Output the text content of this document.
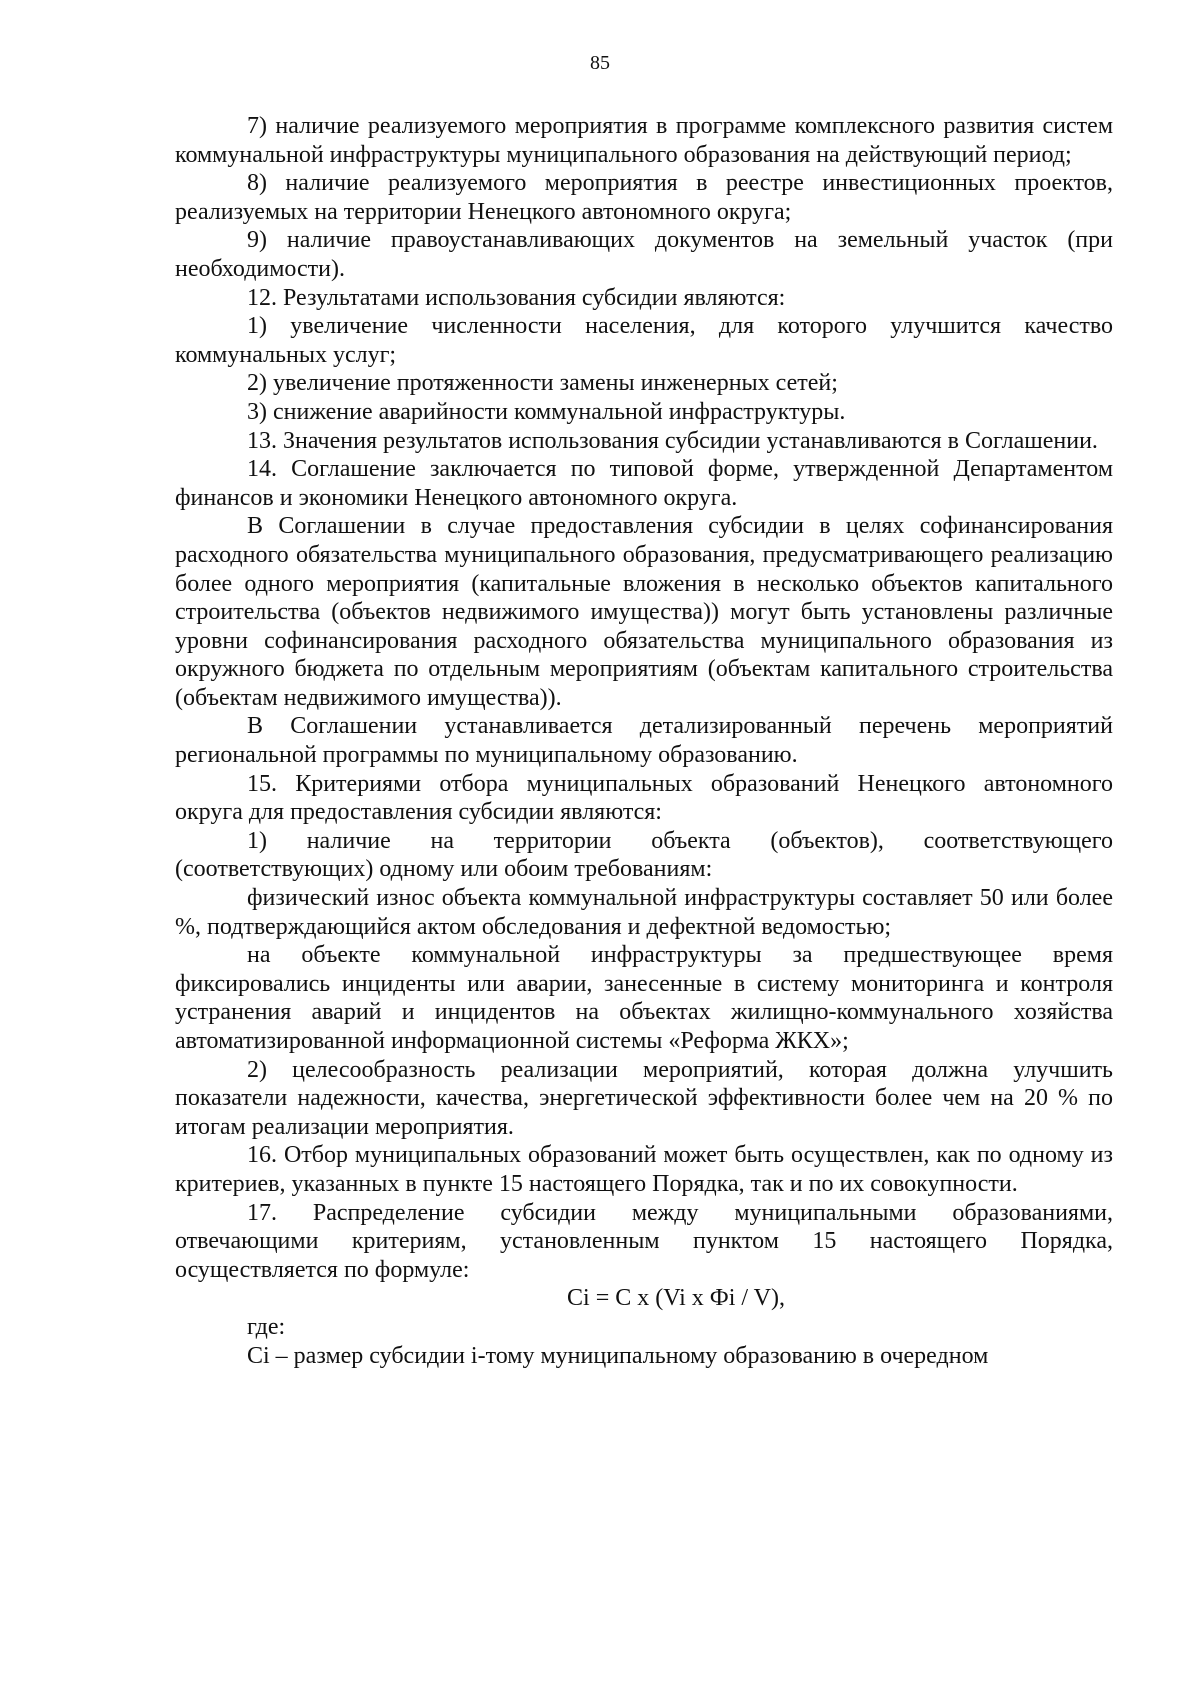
85

7) наличие реализуемого мероприятия в программе комплексного развития систем коммунальной инфраструктуры муниципального образования на действующий период;

8) наличие реализуемого мероприятия в реестре инвестиционных проектов, реализуемых на территории Ненецкого автономного округа;

9) наличие правоустанавливающих документов на земельный участок (при необходимости).

12. Результатами использования субсидии являются:

1) увеличение численности населения, для которого улучшится качество коммунальных услуг;

2) увеличение протяженности замены инженерных сетей;

3) снижение аварийности коммунальной инфраструктуры.

13. Значения результатов использования субсидии устанавливаются в Соглашении.

14. Соглашение заключается по типовой форме, утвержденной Департаментом финансов и экономики Ненецкого автономного округа.

В Соглашении в случае предоставления субсидии в целях софинансирования расходного обязательства муниципального образования, предусматривающего реализацию более одного мероприятия (капитальные вложения в несколько объектов капитального строительства (объектов недвижимого имущества)) могут быть установлены различные уровни софинансирования расходного обязательства муниципального образования из окружного бюджета по отдельным мероприятиям (объектам капитального строительства (объектам недвижимого имущества)).

В Соглашении устанавливается детализированный перечень мероприятий региональной программы по муниципальному образованию.

15. Критериями отбора муниципальных образований Ненецкого автономного округа для предоставления субсидии являются:

1) наличие на территории объекта (объектов), соответствующего (соответствующих) одному или обоим требованиям:

физический износ объекта коммунальной инфраструктуры составляет 50 или более %, подтверждающийся актом обследования и дефектной ведомостью;

на объекте коммунальной инфраструктуры за предшествующее время фиксировались инциденты или аварии, занесенные в систему мониторинга и контроля устранения аварий и инцидентов на объектах жилищно-коммунального хозяйства автоматизированной информационной системы «Реформа ЖКХ»;

2) целесообразность реализации мероприятий, которая должна улучшить показатели надежности, качества, энергетической эффективности более чем на 20 % по итогам реализации мероприятия.

16. Отбор муниципальных образований может быть осуществлен, как по одному из критериев, указанных в пункте 15 настоящего Порядка, так и по их совокупности.

17. Распределение субсидии между муниципальными образованиями, отвечающими критериям, установленным пунктом 15 настоящего Порядка, осуществляется по формуле:

Ci = C x (Vi x Фi / V),

где:

Ci – размер субсидии i-тому муниципальному образованию в очередном
